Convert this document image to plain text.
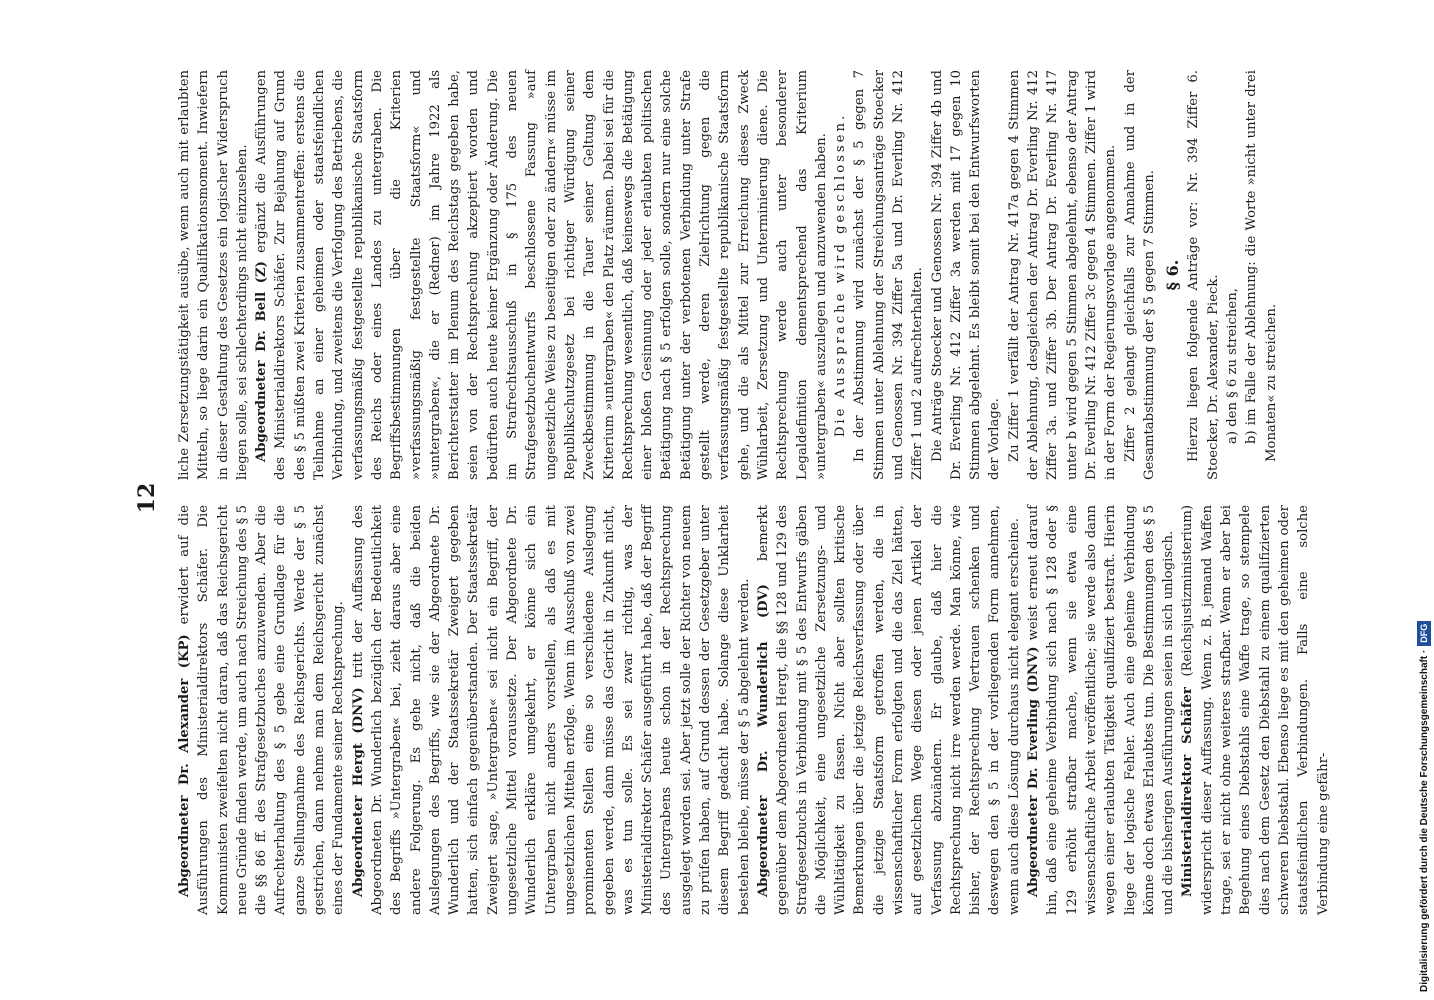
12

Abgeordneter Dr. Alexander (KP) erwidert auf die Ausführungen des Ministerialdirektors Schäfer. Die Kommunisten zweifelten nicht daran, daß das Reichsgericht neue Gründe finden werde, um auch nach Streichung des § 5 die §§ 86 ff. des Strafgesetzbuches anzuwenden. Aber die Aufrechterhaltung des § 5 gebe eine Grundlage für die ganze Stellungnahme des Reichsgerichts. Werde der § 5 gestrichen, dann nehme man dem Reichsgericht zunächst eines der Fundamente seiner Rechtsprechung. Abgeordneter Hergt (DNV) tritt der Auffassung des Abgeordneten Dr. Wunderlich bezüglich der Bedeutlichkeit des Begriffs »Untergraben« bei, zieht daraus aber eine andere Folgerung. Es gehe nicht, daß die beiden Auslegungen des Begriffs, wie sie der Abgeordnete Dr. Wunderlich und der Staatssekretär Zweigert gegeben hatten, sich einfach gegenüberstanden. Der Staatssekretär Zweigert sage, »Untergraben« sei nicht ein Begriff, der ungesetzliche Mittel voraussetze. Der Abgeordnete Dr. Wunderlich erkläre umgekehrt, er könne sich ein Untergraben nicht anders vorstellen, als daß es mit ungesetzlichen Mitteln erfolge. Wenn im Ausschuß von zwei prominenten Stellen eine so verschiedene Auslegung gegeben werde, dann müsse das Gericht in Zukunft nicht, was es tun solle. Es sei zwar richtig, was der Ministerialdirektor Schäfer ausgeführt habe, daß der Begriff des Untergrabens heute schon in der Rechtsprechung ausgelegt worden sei. Aber jetzt solle der Richter von neuem zu prüfen haben, auf Grund dessen der Gesetzgeber unter diesem Begriff gedacht habe. Solange diese Unklarheit bestehen bleibe, müsse der § 5 abgelehnt werden. Abgeordneter Dr. Wunderlich (DV) bemerkt gegenüber dem Abgeordneten Hergt, die §§ 128 und 129 des Strafgesetzbuchs in Verbindung mit § 5 des Entwurfs gäben die Möglichkeit, eine ungesetzliche Zersetzungs- und Wühltätigkeit zu fassen. Nicht aber sollten kritische Bemerkungen über die jetzige Reichsverfassung oder über die jetzige Staatsform getroffen werden, die in wissenschaftlicher Form erfolgten und die das Ziel hätten, auf gesetzlichem Wege diesen oder jenen Artikel der Verfassung abzuändern. Er glaube, daß hier die Rechtsprechung nicht irre werden werde. Man könne, wie bisher, der Rechtsprechung Vertrauen schenken und deswegen den § 5 in der vorliegenden Form annehmen, wenn auch diese Lösung durchaus nicht elegant erscheine. Abgeordneter Dr. Everling (DNV) weist erneut darauf hin, daß eine geheime Verbindung sich nach § 128 oder § 129 erhöht strafbar mache, wenn sie etwa eine wissenschaftliche Arbeit veröffentliche; sie werde also dann wegen einer erlaubten Tätigkeit qualifiziert bestraft. Hierin liege der logische Fehler. Auch eine geheime Verbindung könne doch etwas Erlaubtes tun. Die Bestimmungen des § 5 und die bisherigen Ausführungen seien in sich unlogisch. Ministerialdirektor Schäfer (Reichsjustizministerium) widerspricht dieser Auffassung. Wenn z. B. jemand Waffen trage, sei er nicht ohne weiteres strafbar. Wenn er aber bei Begehung eines Diebstahls eine Waffe trage, so stempele dies nach dem Gesetz den Diebstahl zu einem qualifizierten schweren Diebstahl. Ebenso liege es mit den geheimen oder staatsfeindlichen Verbindungen. Falls eine solche Verbindung eine gefähr-

liche Zersetzungstätigkeit ausübe, wenn auch mit erlaubten Mitteln, so liege darin ein Qualifikationsmoment. Inwiefern in dieser Gestaltung des Gesetzes ein logischer Widerspruch liegen solle, sei schlechterdings nicht einzusehen. Abgeordneter Dr. Bell (Z) ergänzt die Ausführungen des Ministerialdirektors Schäfer. Zur Bejahung auf Grund des § 5 müßten zwei Kriterien zusammentreffen: erstens die Teilnahme an einer geheimen oder staatsfeindlichen Verbindung, und zweitens die Verfolgung des Betriebens, die verfassungsmäßig festgestellte republikanische Staatsform des Reichs oder eines Landes zu untergraben. Die Begriffsbestimmungen über die Kriterien »verfassungsmäßig festgestellte Staatsform« und »untergraben«, die er (Redner) im Jahre 1922 als Berichterstatter im Plenum des Reichstags gegeben habe, seien von der Rechtsprechung akzeptiert worden und bedürften auch heute keiner Ergänzung oder Änderung. Die im Strafrechtsausschuß in § 175 des neuen Strafgesetzbuchentwurfs beschlossene Fassung »auf ungesetzliche Weise zu beseitigen oder zu ändern« müsse im Republikschutzgesetz bei richtiger Würdigung seiner Zweckbestimmung in die Tauer seiner Geltung dem Kriterium »untergraben« den Platz räumen. Dabei sei für die Rechtsprechung wesentlich, daß keineswegs die Betätigung einer bloßen Gesinnung oder jeder erlaubten politischen Betätigung nach § 5 erfolgen solle, sondern nur eine solche Betätigung unter der verbotenen Verbindung unter Strafe gestellt werde, deren Zielrichtung gegen die verfassungsmäßig festgestellte republikanische Staatsform gehe, und die als Mittel zur Erreichung dieses Zweck Wühlarbeit, Zersetzung und Unterminierung diene. Die Rechtsprechung werde auch unter besonderer Legaldefinition dementsprechend das Kriterium »untergraben« auszulegen und anzuwenden haben. Die Aussprache wird geschlossen. In der Abstimmung wird zunächst der § 5 gegen 7 Stimmen unter Ablehnung der Streichungsanträge Stoecker und Genossen Nr. 394 Ziffer 5a und Dr. Everling Nr. 412 Ziffer 1 und 2 aufrechterhalten. Die Anträge Stoecker und Genossen Nr. 394 Ziffer 4b und Dr. Everling Nr. 412 Ziffer 3a werden mit 17 gegen 10 Stimmen abgelehnt. Es bleibt somit bei den Entwurfsworten der Vorlage. Zu Ziffer 1 verfällt der Antrag Nr. 417a gegen 4 Stimmen der Ablehnung, desgleichen der Antrag Dr. Everling Nr. 412 Ziffer 3a. und Ziffer 3b. Der Antrag Dr. Everling Nr. 417 unter b wird gegen 5 Stimmen abgelehnt, ebenso der Antrag Dr. Everling Nr. 412 Ziffer 3c gegen 4 Stimmen. Ziffer 1 wird in der Form der Regierungsvorlage angenommen. Ziffer 2 gelangt gleichfalls zur Annahme und in der Gesamtabstimmung der § 5 gegen 7 Stimmen. § 6. Hierzu liegen folgende Anträge vor: Nr. 394 Ziffer 6. Stoecker, Dr. Alexander, Pieck. a) den § 6 zu streichen, b) im Falle der Ablehnung: die Worte »nicht unter drei Monaten« zu streichen.

Digitalisierung gefördert durch die Deutsche Forschungsgemeinschaft ·DFG
